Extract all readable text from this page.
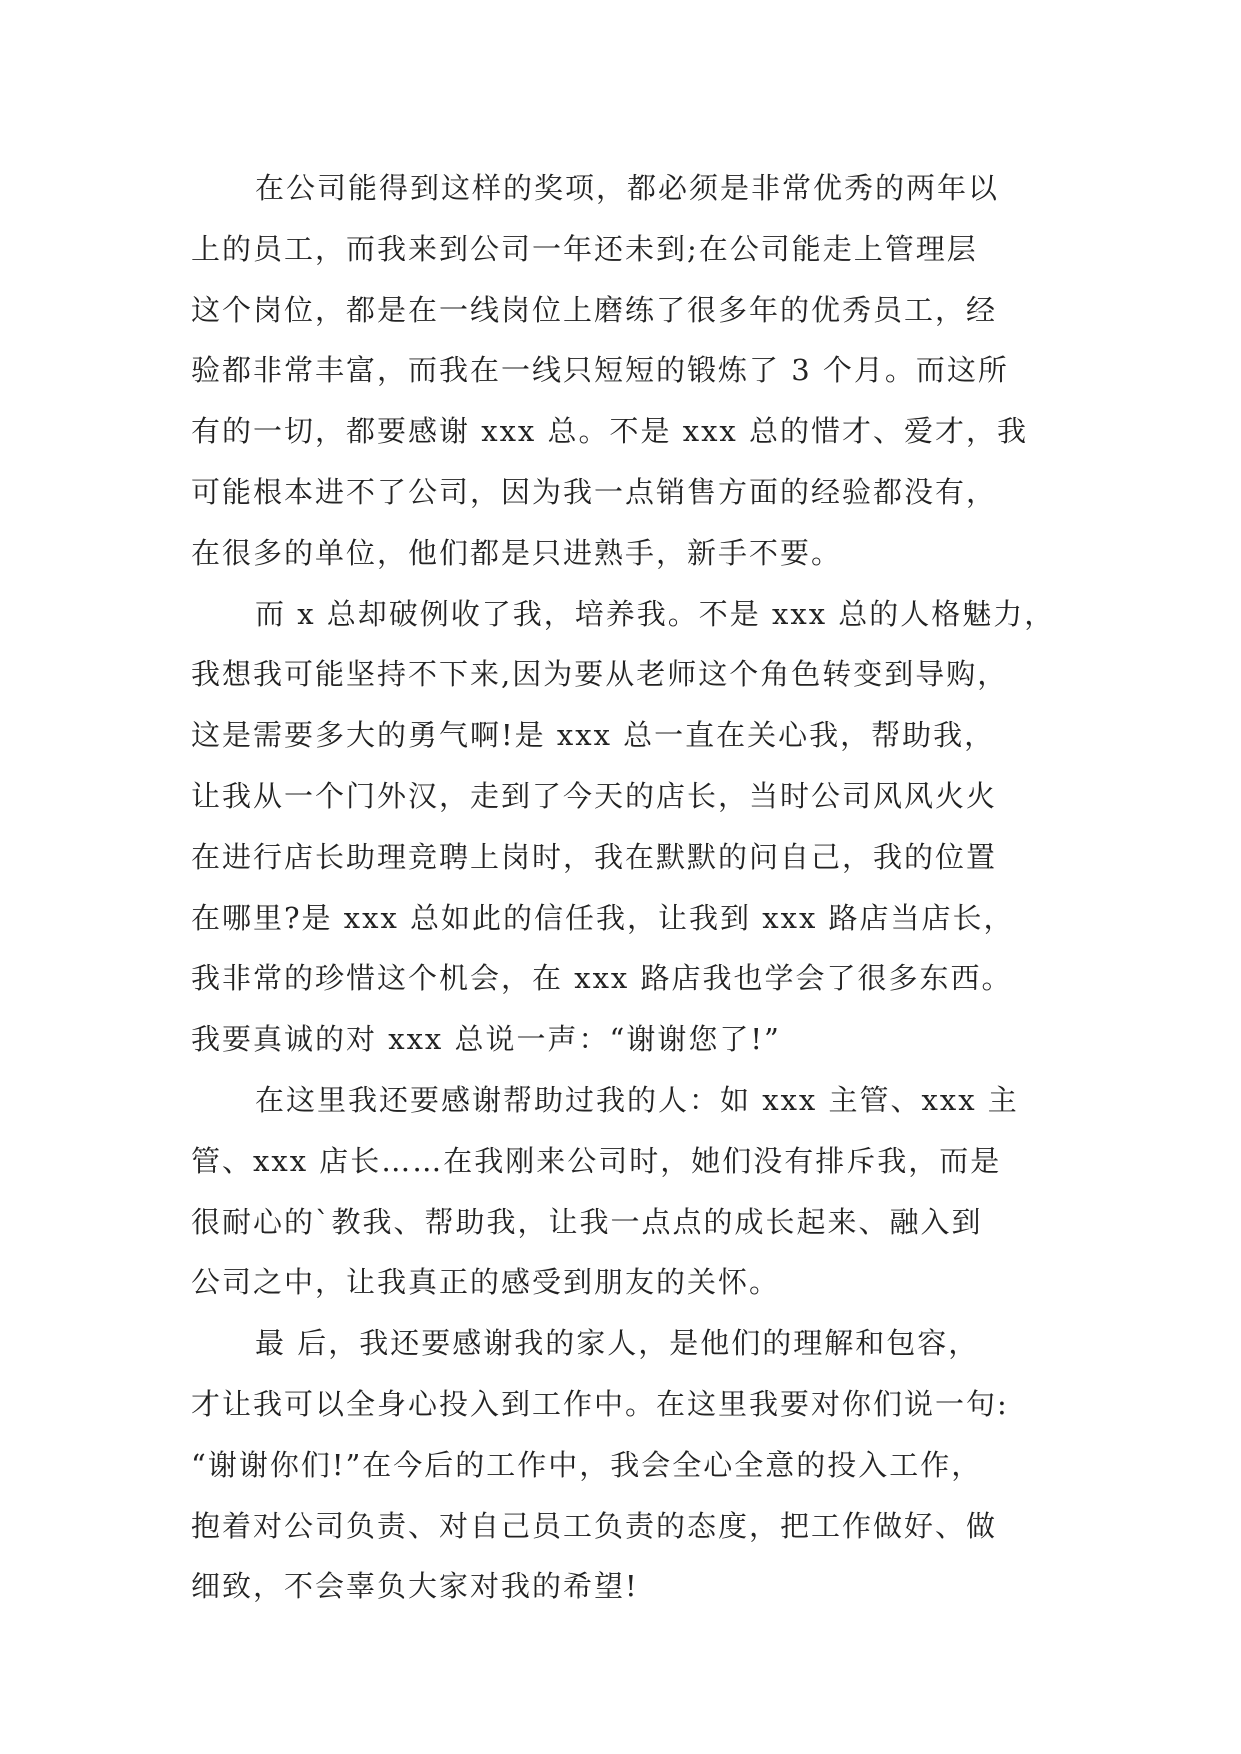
在公司能得到这样的奖项，都必须是非常优秀的两年以
上的员工，而我来到公司一年还未到;在公司能走上管理层
这个岗位，都是在一线岗位上磨练了很多年的优秀员工，经
验都非常丰富，而我在一线只短短的锻炼了 3 个月。而这所
有的一切，都要感谢 xxx 总。不是 xxx 总的惜才、爱才，我
可能根本进不了公司，因为我一点销售方面的经验都没有，
在很多的单位，他们都是只进熟手，新手不要。
而 x 总却破例收了我，培养我。不是 xxx 总的人格魅力，
我想我可能坚持不下来,因为要从老师这个角色转变到导购，
这是需要多大的勇气啊!是 xxx 总一直在关心我，帮助我，
让我从一个门外汉，走到了今天的店长，当时公司风风火火
在进行店长助理竞聘上岗时，我在默默的问自己，我的位置
在哪里?是 xxx 总如此的信任我，让我到 xxx 路店当店长，
我非常的珍惜这个机会，在 xxx 路店我也学会了很多东西。
我要真诚的对 xxx 总说一声：“谢谢您了!”
在这里我还要感谢帮助过我的人：如 xxx 主管、xxx 主
管、xxx 店长……在我刚来公司时，她们没有排斥我，而是
很耐心的`教我、帮助我，让我一点点的成长起来、融入到
公司之中，让我真正的感受到朋友的关怀。
最 后，我还要感谢我的家人，是他们的理解和包容，
才让我可以全身心投入到工作中。在这里我要对你们说一句:
“谢谢你们!”在今后的工作中，我会全心全意的投入工作，
抱着对公司负责、对自己员工负责的态度，把工作做好、做
细致，不会辜负大家对我的希望!
